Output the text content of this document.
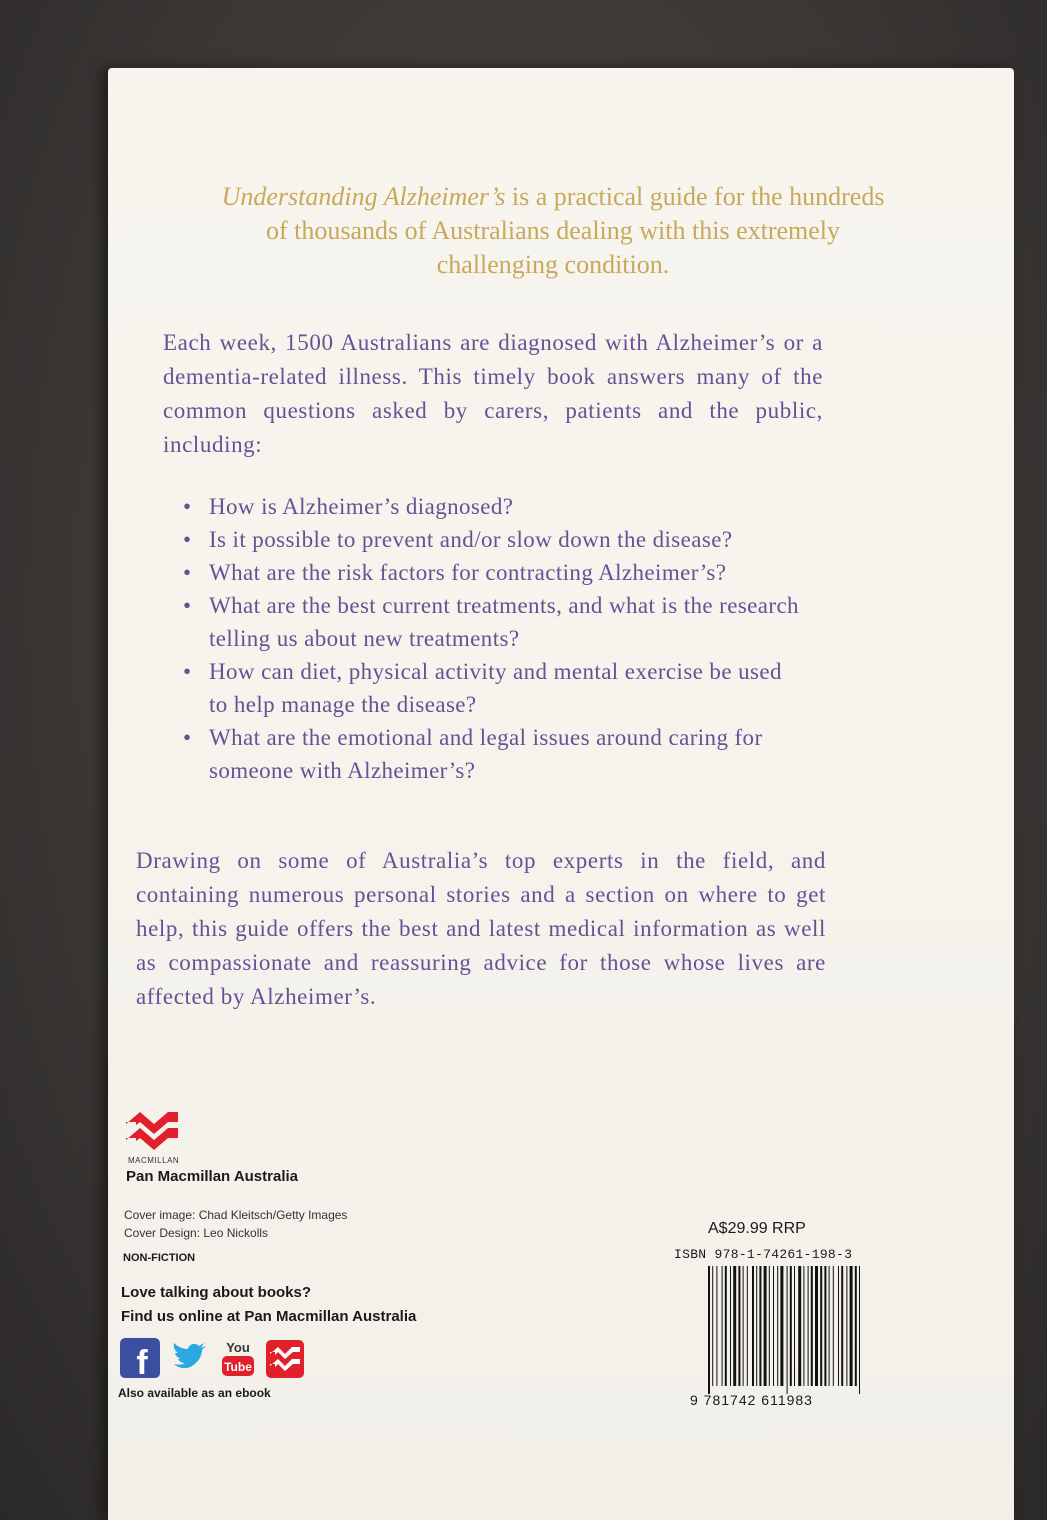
Understanding Alzheimer’s is a practical guide for the hundreds of thousands of Australians dealing with this extremely challenging condition.
Each week, 1500 Australians are diagnosed with Alzheimer’s or a dementia-related illness. This timely book answers many of the common questions asked by carers, patients and the public, including:
• How is Alzheimer’s diagnosed?
• Is it possible to prevent and/or slow down the disease?
• What are the risk factors for contracting Alzheimer’s?
• What are the best current treatments, and what is the research telling us about new treatments?
• How can diet, physical activity and mental exercise be used to help manage the disease?
• What are the emotional and legal issues around caring for someone with Alzheimer’s?
Drawing on some of Australia’s top experts in the field, and containing numerous personal stories and a section on where to get help, this guide offers the best and latest medical information as well as compassionate and reassuring advice for those whose lives are affected by Alzheimer’s.
MACMILLAN
Pan Macmillan Australia
Cover image: Chad Kleitsch/Getty Images
Cover Design: Leo Nickolls
NON-FICTION
Love talking about books?
Find us online at Pan Macmillan Australia
f	You
Tube
Also available as an ebook
A$29.99 RRP
ISBN 978-1-74261-198-3
9 781742 611983
